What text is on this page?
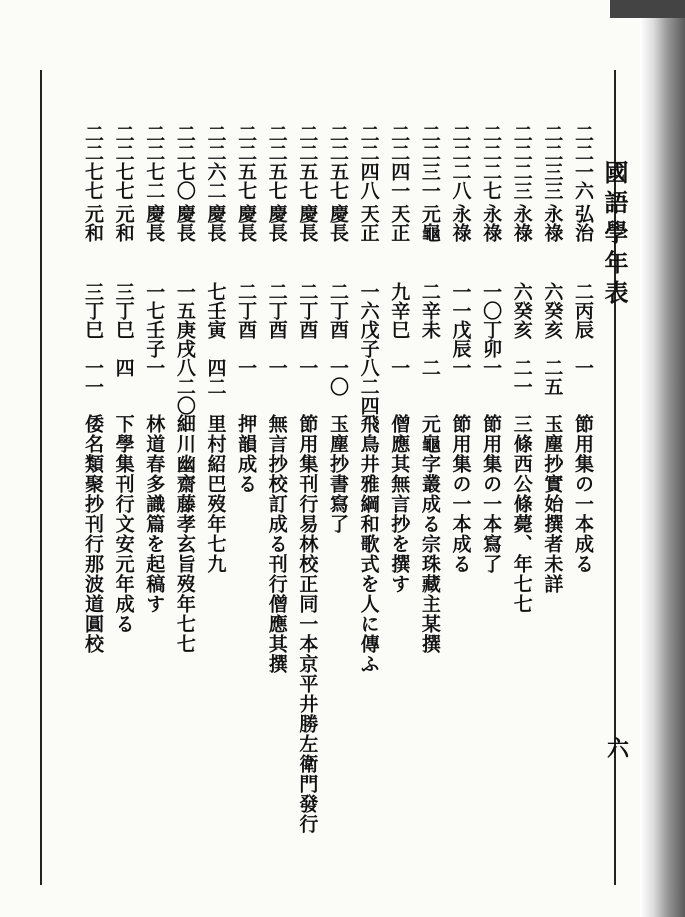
國語學年表
六
二二一六
弘治
二丙辰
一
節用集の一本成る
二二三三
永祿
六癸亥
二五
玉塵抄實始撰者未詳
二二二三
永祿
六癸亥
二一
三條西公條薨、年七七
二二二七
永祿
一〇丁卯
一
節用集の一本寫了
二二二八
永祿
一一戊辰
一
節用集の一本成る
二二三一
元龜
二辛未
二
元龜字叢成る宗珠藏主某撰
二二四一
天正
九辛巳
一
僧應其無言抄を撰す
二二四八
天正
一六戊子
八二四
飛鳥井雅綱和歌式を人に傳ふ
二二五七
慶長
二丁酉
一〇
玉塵抄書寫了
二二五七
慶長
二丁酉
一
節用集刊行易林校正同一本京平井勝左衛門發行
二二五七
慶長
二丁酉
一
無言抄校訂成る刊行僧應其撰
二二五七
慶長
二丁酉
一
押韻成る
二二六二
慶長
七壬寅
四二
里村紹巴歿年七九
二二七〇
慶長
一五庚戌
八二〇
細川幽齋藤孝玄旨歿年七七
二二七二
慶長
一七壬子
一
林道春多識篇を起稿す
二二七七
元和
三丁巳
四
下學集刊行文安元年成る
二二七七
元和
三丁巳
一一
倭名類聚抄刊行那波道圓校
